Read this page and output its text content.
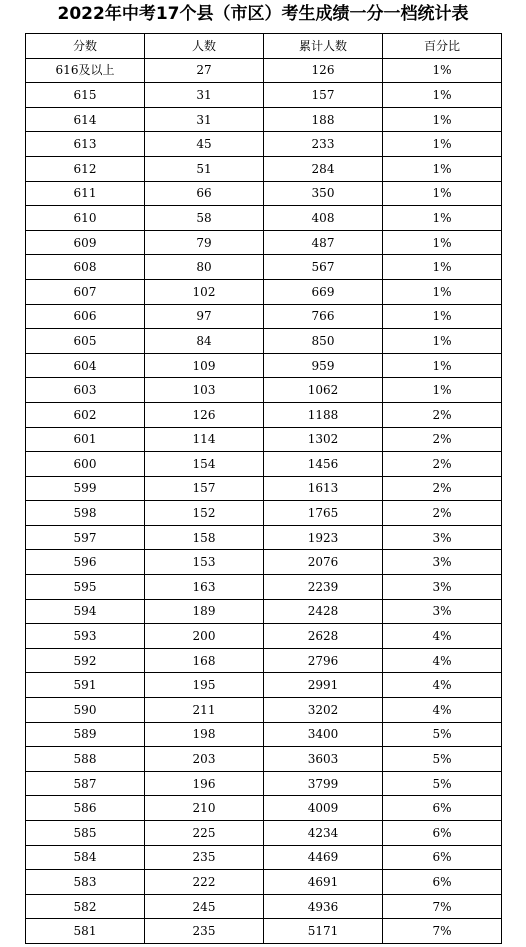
2022年中考17个县（市区）考生成绩一分一档统计表
分数	人数	累计人数	百分比
616及以上	27	126	1%
615	31	157	1%
614	31	188	1%
613	45	233	1%
612	51	284	1%
611	66	350	1%
610	58	408	1%
609	79	487	1%
608	80	567	1%
607	102	669	1%
606	97	766	1%
605	84	850	1%
604	109	959	1%
603	103	1062	1%
602	126	1188	2%
601	114	1302	2%
600	154	1456	2%
599	157	1613	2%
598	152	1765	2%
597	158	1923	3%
596	153	2076	3%
595	163	2239	3%
594	189	2428	3%
593	200	2628	4%
592	168	2796	4%
591	195	2991	4%
590	211	3202	4%
589	198	3400	5%
588	203	3603	5%
587	196	3799	5%
586	210	4009	6%
585	225	4234	6%
584	235	4469	6%
583	222	4691	6%
582	245	4936	7%
581	235	5171	7%
